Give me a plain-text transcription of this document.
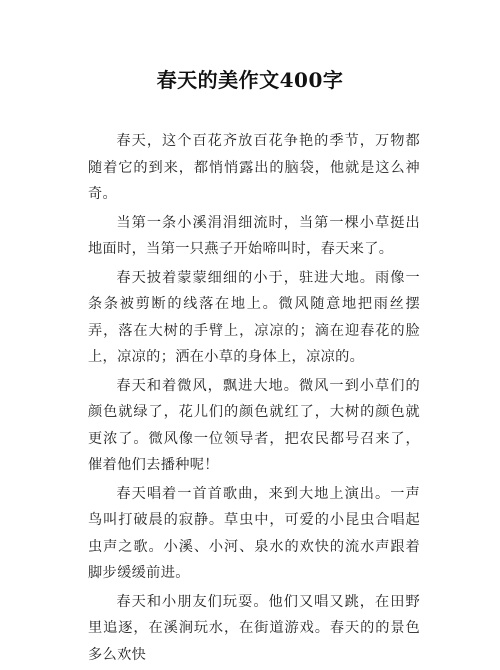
春天的美作文400字

春天，这个百花齐放百花争艳的季节，万物都随着它的到来，都悄悄露出的脑袋，他就是这么神奇。

当第一条小溪涓涓细流时，当第一棵小草挺出地面时，当第一只燕子开始啼叫时，春天来了。

春天披着蒙蒙细细的小于，驻进大地。雨像一条条被剪断的线落在地上。微风随意地把雨丝摆弄，落在大树的手臂上，凉凉的；滴在迎春花的脸上，凉凉的；洒在小草的身体上，凉凉的。

春天和着微风，飘进大地。微风一到小草们的颜色就绿了，花儿们的颜色就红了，大树的颜色就更浓了。微风像一位领导者，把农民都号召来了，催着他们去播种呢！

春天唱着一首首歌曲，来到大地上演出。一声鸟叫打破晨的寂静。草虫中，可爱的小昆虫合唱起虫声之歌。小溪、小河、泉水的欢快的流水声跟着脚步缓缓前进。

春天和小朋友们玩耍。他们又唱又跳，在田野里追逐，在溪涧玩水，在街道游戏。春天的的景色多么欢快
